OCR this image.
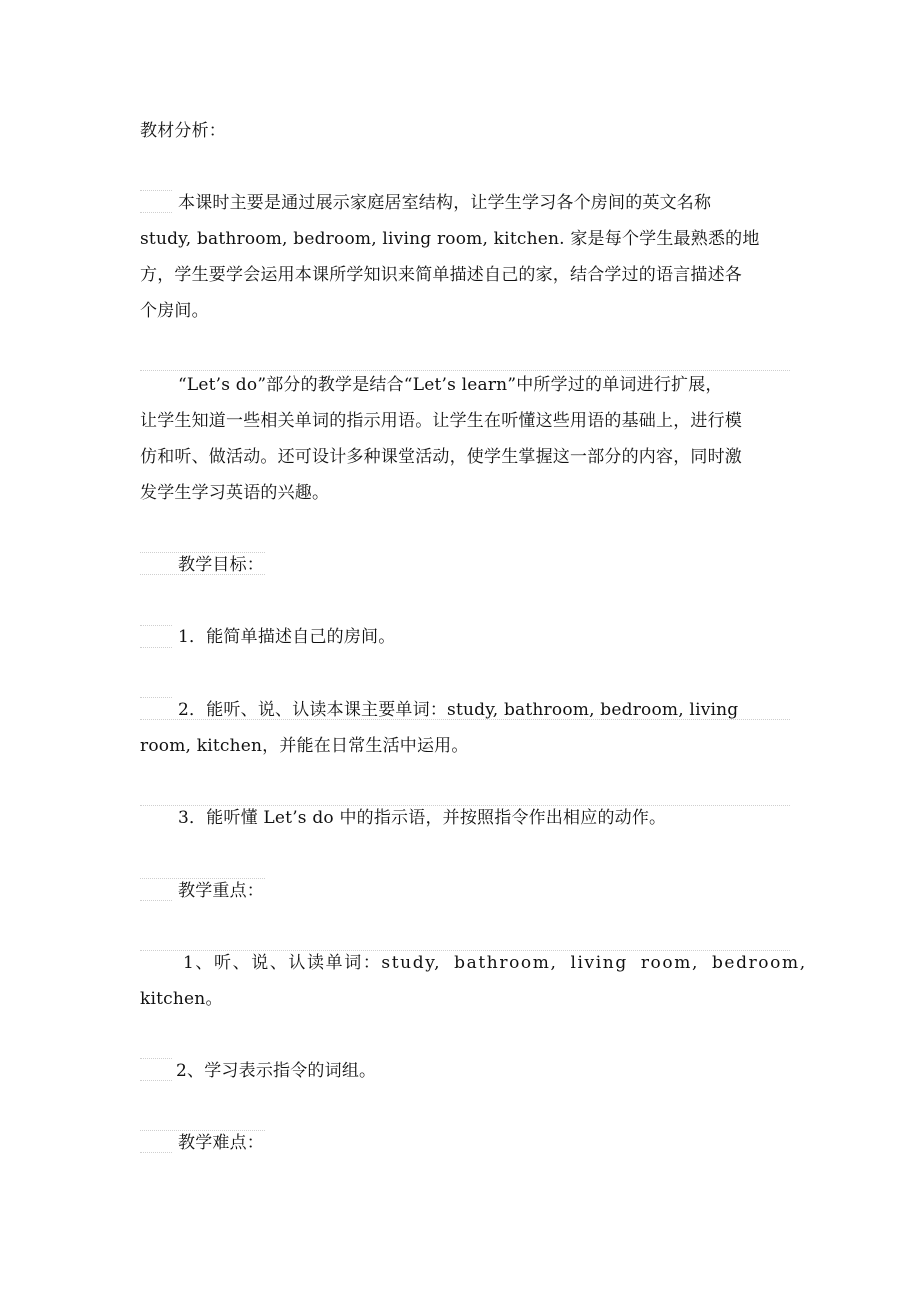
教材分析：
本课时主要是通过展示家庭居室结构，让学生学习各个房间的英文名称
study, bathroom, bedroom, living room, kitchen. 家是每个学生最熟悉的地
方，学生要学会运用本课所学知识来简单描述自己的家，结合学过的语言描述各
个房间。
“Let’s do”部分的教学是结合“Let’s learn”中所学过的单词进行扩展，
让学生知道一些相关单词的指示用语。让学生在听懂这些用语的基础上，进行模
仿和听、做活动。还可设计多种课堂活动，使学生掌握这一部分的内容，同时激
发学生学习英语的兴趣。
教学目标：
1．能简单描述自己的房间。
2．能听、说、认读本课主要单词：study, bathroom, bedroom, living
room, kitchen，并能在日常生活中运用。
3．能听懂 Let’s do 中的指示语，并按照指令作出相应的动作。
教学重点：
1、听、说、认读单词：study, bathroom, living room, bedroom,
kitchen。
2、学习表示指令的词组。
教学难点：
